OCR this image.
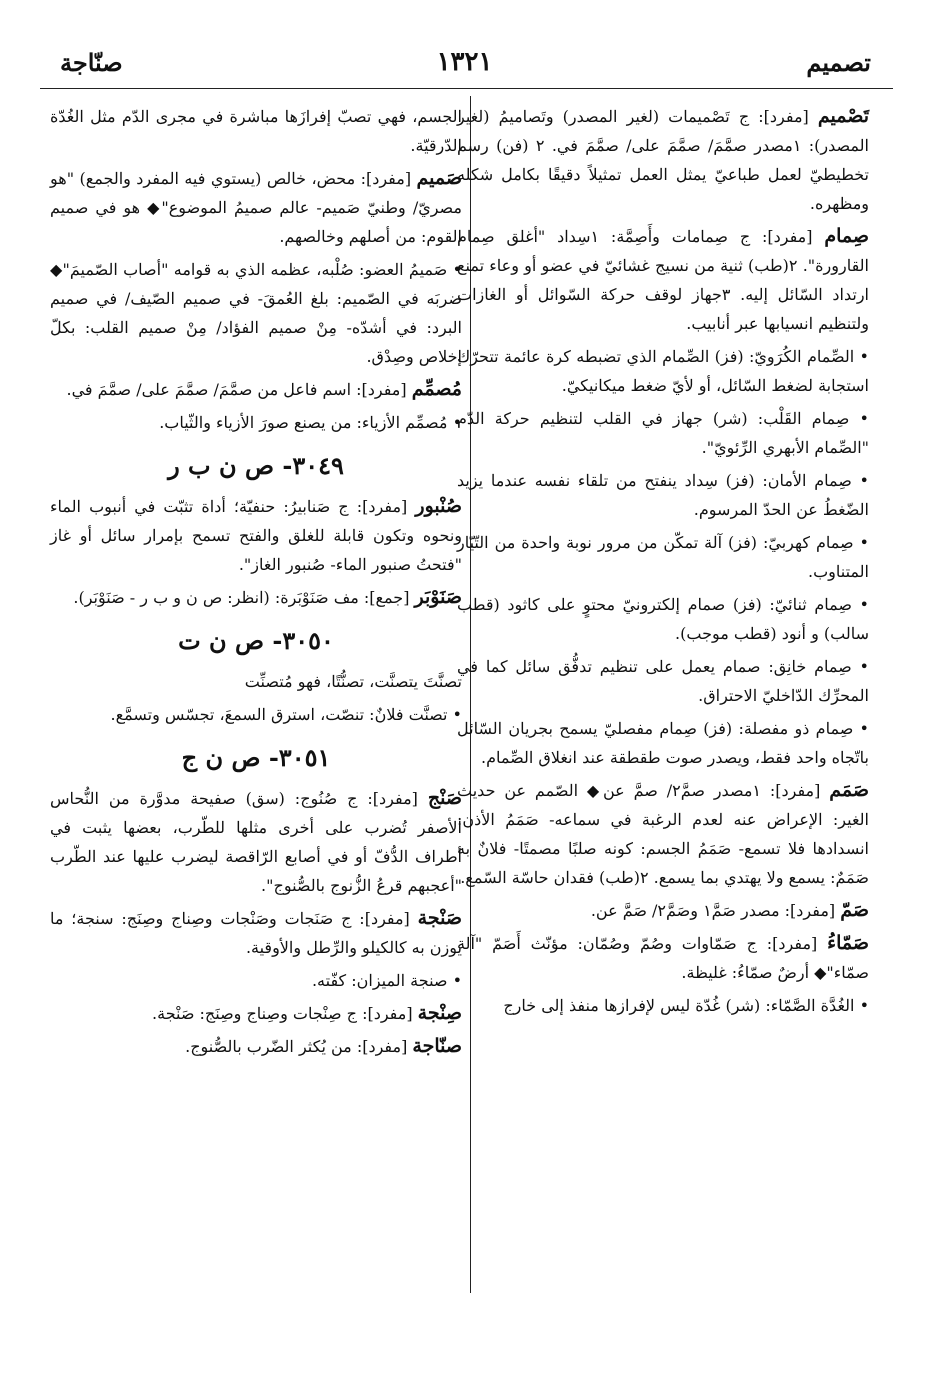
تصميم
١٣٢١
صنّاجة

تَصْميم [مفرد]: ج تَصْميمات (لغير المصدر) وتَصاميمُ (لغير المصدر): ١مصدر صمَّمَ/ صمَّمَ على/ صمَّمَ في. ٢ (فن) رسم تخطيطيّ لعمل طباعيّ يمثل العمل تمثيلاً دقيقًا بكامل شكله ومظهره.

صِمام [مفرد]: ج صِمامات وأَصِمَّة: ١سِداد "أغلق صِمام القارورة". ٢(طب) ثنية من نسيج غشائيّ في عضو أو وعاء تمنع ارتداد السّائل إليه. ٣جهاز لوقف حركة السّوائل أو الغازات ولتنظيم انسيابها عبر أنابيب.

• الصِّمام الكُرَويّ: (فز) الصِّمام الذي تضبطه كرة عائمة تتحرّك استجابة لضغط السّائل، أو لأيّ ضغط ميكانيكيّ.

• صِمام القَلْب: (شر) جهاز في القلب لتنظيم حركة الدّم "الصِّمام الأبهري الرِّئويّ".

• صِمام الأمان: (فز) سِداد ينفتح من تلقاء نفسه عندما يزيد الضّغطُ عن الحدّ المرسوم.

• صِمام كهربيّ: (فز) آلة تمكّن من مرور نوبة واحدة من التّيّار المتناوب.

• صِمام ثنائيّ: (فز) صمام إلكترونيّ محتوٍ على كاثود (قطب سالب) و أنود (قطب موجب).

• صِمام خانِق: صمام يعمل على تنظيم تدفُّق سائل كما في المحرِّك الدّاخليّ الاحتراق.

• صِمام ذو مفصلة: (فز) صِمام مفصليّ يسمح بجريان السّائل باتّجاه واحد فقط، ويصدر صوت طقطقة عند انغلاق الصِّمام.

صَمَم [مفرد]: ١مصدر صمَّ٢/ صمَّ عن◆ الصّمم عن حديث الغير: الإعراض عنه لعدم الرغبة في سماعه- صَمَمُ الأذن: انسدادها فلا تسمع- صَمَمُ الجسم: كونه صلبًا مصمتًا- فلانٌ به صَمَمٌ: يسمع ولا يهتدي بما يسمع. ٢(طب) فقدان حاسّة السّمع.

صَمّ [مفرد]: مصدر صَمَّ١ وصَمَّ٢/ صَمَّ عن.

صَمّاءُ [مفرد]: ج صَمّاوات وصُمّ وصُمّان: مؤنّث أَصَمّ "آلة صمّاء"◆ أرضٌ صمّاءُ: غليظة.

• الغُدَّة الصَّمّاء: (شر) غُدّة ليس لإفرازها منفذ إلى خارج

الجسم، فهي تصبّ إفرازَها مباشرة في مجرى الدّم مثل الغُدّة الدّرقيّة.

صَميم [مفرد]: محض، خالص (يستوي فيه المفرد والجمع) "هو مصريّ/ وطنيّ صَميم- عالم صميمُ الموضوع"◆ هو في صميم القوم: من أصلهم وخالصهم.

• صَميمُ العضو: صُلْبه، عظمه الذي به قوامه "أصاب الصّميمَ"◆ ضربَه في الصّميم: بلغ العُمقَ- في صميم الصّيف/ في صميم البرد: في أشدّه- مِنْ صميم الفؤاد/ مِنْ صميم القلب: بكلّ إخلاص وصِدْق.

مُصمِّم [مفرد]: اسم فاعل من صمَّمَ/ صمَّمَ على/ صمَّمَ في.

• مُصمِّم الأزياء: من يصنع صورَ الأزياء والثّياب.

٣٠٤٩- ص ن ب ر

صُنْبور [مفرد]: ج صَنابيرُ: حنفيّة؛ أداة تثبّت في أنبوب الماء ونحوه وتكون قابلة للغلق والفتح تسمح بإمرار سائل أو غاز "فتحتُ صنبور الماء- صُنبور الغاز".

صَنَوْبَر [جمع]: مف صَنَوْبَرة: (انظر: ص ن و ب ر - صَنَوْبَر).

٣٠٥٠- ص ن ت

تصنَّتَ يتصنَّت، تصنُّتًا، فهو مُتصنِّت

• تصنَّت فلانٌ: تنصّت، استرق السمعَ، تجسّس وتسمَّع.

٣٠٥١- ص ن ج

صَنْج [مفرد]: ج صُنُوج: (سق) صفيحة مدوَّرة من النُّحاس الأصفر تُضرب على أخرى مثلها للطّرب، بعضها يثبت في أطراف الدُّفّ أو في أصابع الرّاقصة ليضرب عليها عند الطّرب "أعجبهم قرعُ الزُّنوج بالصُّنوج".

صَنْجة [مفرد]: ج صَنَجات وصَنْجات وصِناج وصِنَج: سنجة؛ ما يوزن به كالكيلو والرِّطل والأوقية.

• صنجة الميزان: كفّته.

صِنْجة [مفرد]: ج صِنْجات وصِناج وصِنَج: صَنْجة.

صنّاجة [مفرد]: من يُكثر الضّرب بالصُّنوج.
